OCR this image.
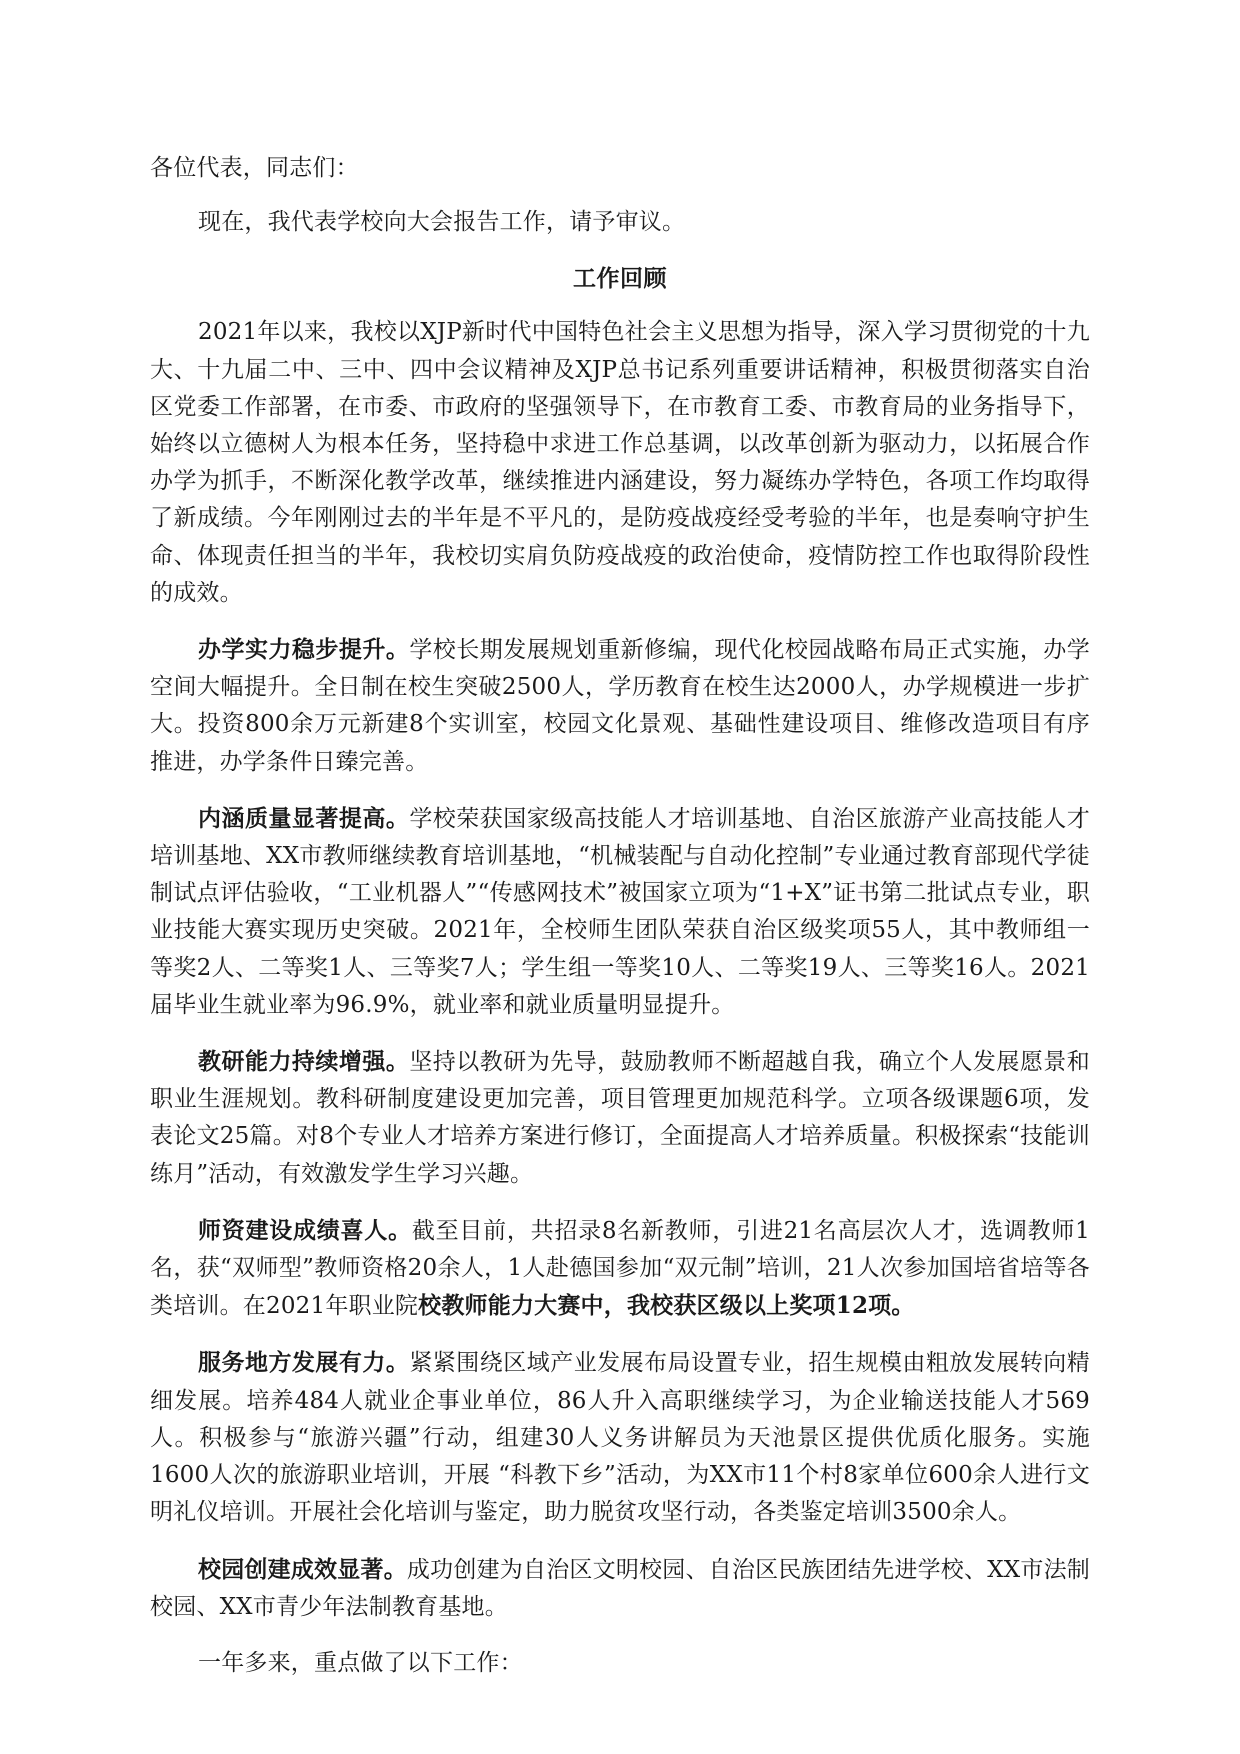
各位代表，同志们：

现在，我代表学校向大会报告工作，请予审议。

工作回顾

2021年以来，我校以XJP新时代中国特色社会主义思想为指导，深入学习贯彻党的十九大、十九届二中、三中、四中会议精神及XJP总书记系列重要讲话精神，积极贯彻落实自治区党委工作部署，在市委、市政府的坚强领导下，在市教育工委、市教育局的业务指导下，始终以立德树人为根本任务，坚持稳中求进工作总基调，以改革创新为驱动力，以拓展合作办学为抓手，不断深化教学改革，继续推进内涵建设，努力凝练办学特色，各项工作均取得了新成绩。今年刚刚过去的半年是不平凡的，是防疫战疫经受考验的半年，也是奏响守护生命、体现责任担当的半年，我校切实肩负防疫战疫的政治使命，疫情防控工作也取得阶段性的成效。

办学实力稳步提升。学校长期发展规划重新修编，现代化校园战略布局正式实施，办学空间大幅提升。全日制在校生突破2500人，学历教育在校生达2000人，办学规模进一步扩大。投资800余万元新建8个实训室，校园文化景观、基础性建设项目、维修改造项目有序推进，办学条件日臻完善。

内涵质量显著提高。学校荣获国家级高技能人才培训基地、自治区旅游产业高技能人才培训基地、XX市教师继续教育培训基地，“机械装配与自动化控制”专业通过教育部现代学徒制试点评估验收，“工业机器人”“传感网技术”被国家立项为“1+X”证书第二批试点专业，职业技能大赛实现历史突破。2021年，全校师生团队荣获自治区级奖项55人，其中教师组一等奖2人、二等奖1人、三等奖7人；学生组一等奖10人、二等奖19人、三等奖16人。2021届毕业生就业率为96.9%，就业率和就业质量明显提升。

教研能力持续增强。坚持以教研为先导，鼓励教师不断超越自我，确立个人发展愿景和职业生涯规划。教科研制度建设更加完善，项目管理更加规范科学。立项各级课题6项，发表论文25篇。对8个专业人才培养方案进行修订，全面提高人才培养质量。积极探索“技能训练月”活动，有效激发学生学习兴趣。

师资建设成绩喜人。截至目前，共招录8名新教师，引进21名高层次人才，选调教师1名，获“双师型”教师资格20余人，1人赴德国参加“双元制”培训，21人次参加国培省培等各类培训。在2021年职业院校教师能力大赛中，我校获区级以上奖项12项。

服务地方发展有力。紧紧围绕区域产业发展布局设置专业，招生规模由粗放发展转向精细发展。培养484人就业企事业单位，86人升入高职继续学习，为企业输送技能人才569人。积极参与“旅游兴疆”行动，组建30人义务讲解员为天池景区提供优质化服务。实施1600人次的旅游职业培训，开展 “科教下乡”活动，为XX市11个村8家单位600余人进行文明礼仪培训。开展社会化培训与鉴定，助力脱贫攻坚行动，各类鉴定培训3500余人。

校园创建成效显著。成功创建为自治区文明校园、自治区民族团结先进学校、XX市法制校园、XX市青少年法制教育基地。

一年多来，重点做了以下工作：
